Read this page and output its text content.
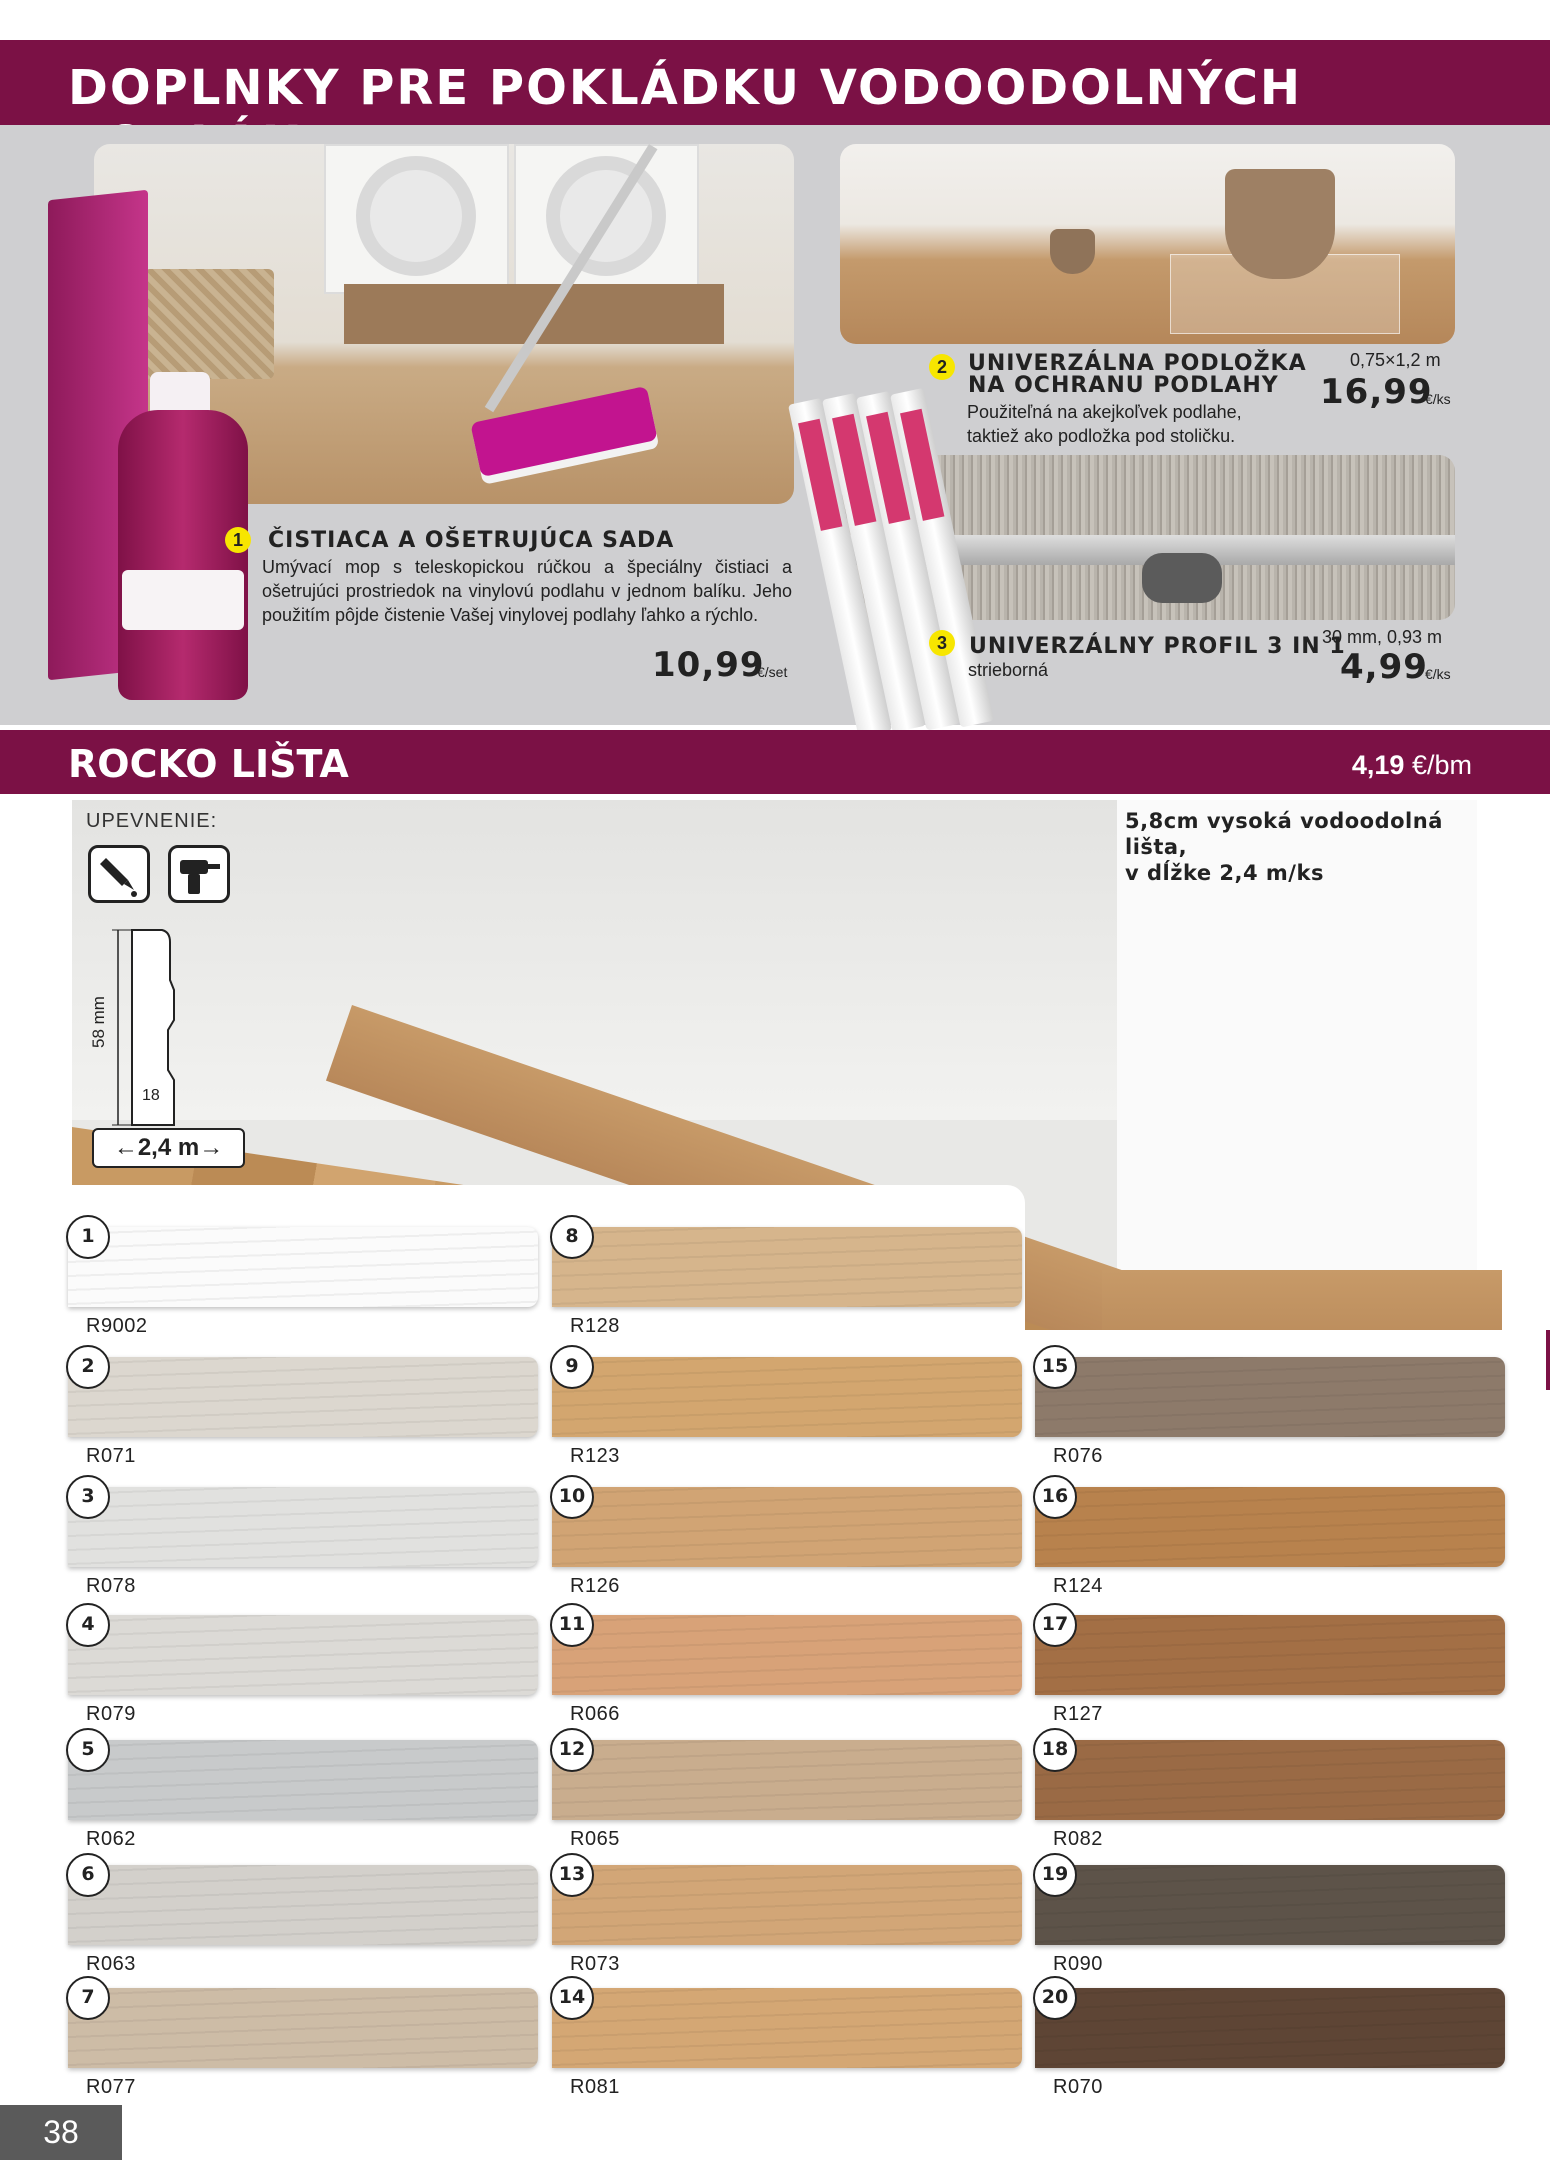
DOPLNKY PRE POKLÁDKU VODOODOLNÝCH
1	ČISTIACA A OŠETRUJÚCA SADA
Umývací mop s teleskopickou rúčkou a špeciálny čistiaci a ošetrujúci prostriedok na vinylovú podlahu v jednom balíku. Jeho použitím pôjde čistenie Vašej vinylovej podlahy ľahko a rýchlo.
10,99
€/set
2 UNIVERZÁLNA PODLOŽKA
NA OCHRANU PODLAHY
Použiteľná na akejkoľvek podlahe,
taktiež ako podložka pod stoličku.
0,75×1,2 m
16,99
€/ks
3	UNIVERZÁLNY PROFIL 3 IN 1
strieborná
30 mm, 0,93 m
4,99
€/ks
ROCKO LIŠTA	4,19 €/bm
UPEVNENIE:
58 mm
18
←2,4 m→
5,8cm vysoká vodoodolná lišta,
v dĺžke 2,4 m/ks
1
R9002
2
R071
3
R078
4
R079
5
R062
6
R063
7
R077
8
R128
9
R123
10
R126
11
R066
12
R065
13
R073
14
R081
15
R076
16
R124
17
R127
18
R082
19
R090
20
R070
38
